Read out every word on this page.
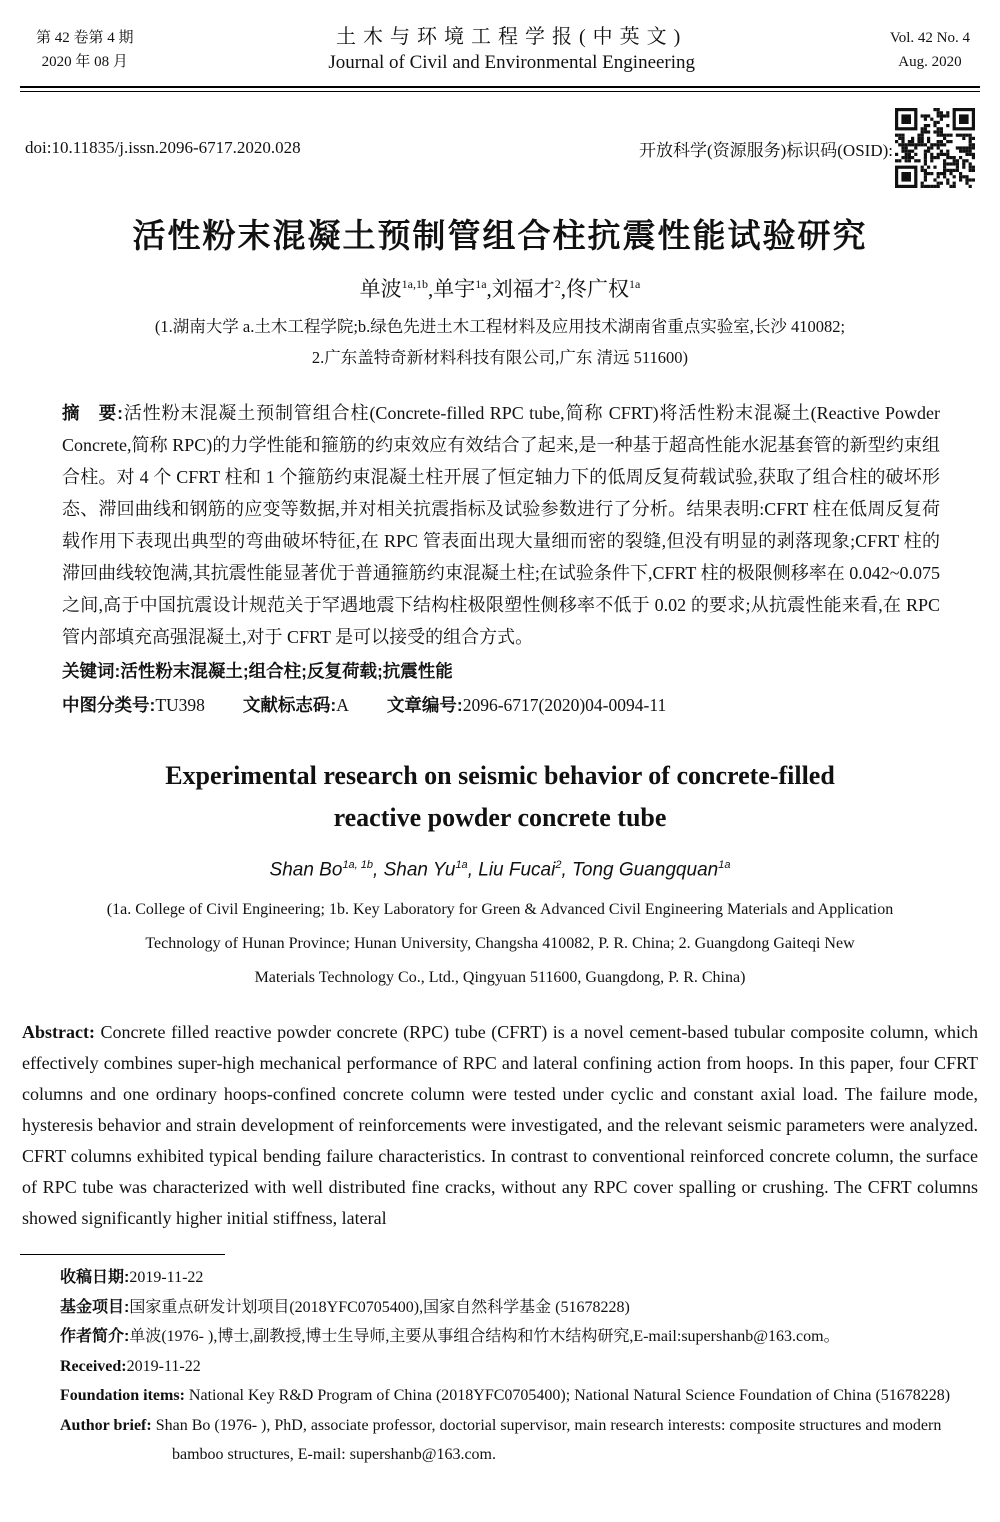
第 42 卷第 4 期
2020 年 08 月
土木与环境工程学报(中英文)
Journal of Civil and Environmental Engineering
Vol. 42 No. 4
Aug. 2020
doi:10.11835/j.issn.2096-6717.2020.028	开放科学(资源服务)标识码(OSID):
活性粉末混凝土预制管组合柱抗震性能试验研究
单波$^{1a,1b}$,单宇$^{1a}$,刘福才$^2$,佟广权$^{1a}$
(1.湖南大学 a.土木工程学院;b.绿色先进土木工程材料及应用技术湖南省重点实验室,长沙 410082;
2.广东盖特奇新材料科技有限公司,广东 清远 511600)

摘　要:活性粉末混凝土预制管组合柱(Concrete-filled RPC tube,简称 CFRT)将活性粉末混凝土(Reactive Powder Concrete,简称 RPC)的力学性能和箍筋的约束效应有效结合了起来,是一种基于超高性能水泥基套管的新型约束组合柱。对 4 个 CFRT 柱和 1 个箍筋约束混凝土柱开展了恒定轴力下的低周反复荷载试验,获取了组合柱的破坏形态、滞回曲线和钢筋的应变等数据,并对相关抗震指标及试验参数进行了分析。结果表明:CFRT 柱在低周反复荷载作用下表现出典型的弯曲破坏特征,在 RPC 管表面出现大量细而密的裂缝,但没有明显的剥落现象;CFRT 柱的滞回曲线较饱满,其抗震性能显著优于普通箍筋约束混凝土柱;在试验条件下,CFRT 柱的极限侧移率在 0.042~0.075 之间,高于中国抗震设计规范关于罕遇地震下结构柱极限塑性侧移率不低于 0.02 的要求;从抗震性能来看,在 RPC 管内部填充高强混凝土,对于 CFRT 是可以接受的组合方式。

关键词:活性粉末混凝土;组合柱;反复荷载;抗震性能

中图分类号:TU398 文献标志码:A 文章编号:2096-6717(2020)04-0094-11

Experimental research on seismic behavior of concrete-filled
reactive powder concrete tube
Shan $Bo^{1a, 1b}$, Shan $Yu^{1a}$, Liu Fucai$^2$, Tong Guangquan$^{1a}$
(1a. College of Civil Engineering; 1b. Key Laboratory for Green & Advanced Civil Engineering Materials and Application
Technology of Hunan Province; Hunan University, Changsha 410082, P. R. China; 2. Guangdong Gaiteqi New
Materials Technology Co., Ltd., Qingyuan 511600, Guangdong, P. R. China)

Abstract: Concrete filled reactive powder concrete (RPC) tube (CFRT) is a novel cement-based tubular composite column, which effectively combines super-high mechanical performance of RPC and lateral confining action from hoops. In this paper, four CFRT columns and one ordinary hoops-confined concrete column were tested under cyclic and constant axial load. The failure mode, hysteresis behavior and strain development of reinforcements were investigated, and the relevant seismic parameters were analyzed. CFRT columns exhibited typical bending failure characteristics. In contrast to conventional reinforced concrete column, the surface of RPC tube was characterized with well distributed fine cracks, without any RPC cover spalling or crushing. The CFRT columns showed significantly higher initial stiffness, lateral

收稿日期:2019-11-22

基金项目:国家重点研发计划项目(2018YFC0705400),国家自然科学基金 (51678228)

作者简介:单波(1976- ),博士,副教授,博士生导师,主要从事组合结构和竹木结构研究,E-mail:supershanb@163.com。

Received:2019-11-22

Foundation items: National Key R&D Program of China (2018YFC0705400); National Natural Science Foundation of China (51678228)

Author brief: Shan Bo (1976- ), PhD, associate professor, doctorial supervisor, main research interests: composite structures and modern bamboo structures, E-mail: supershanb@163.com.
